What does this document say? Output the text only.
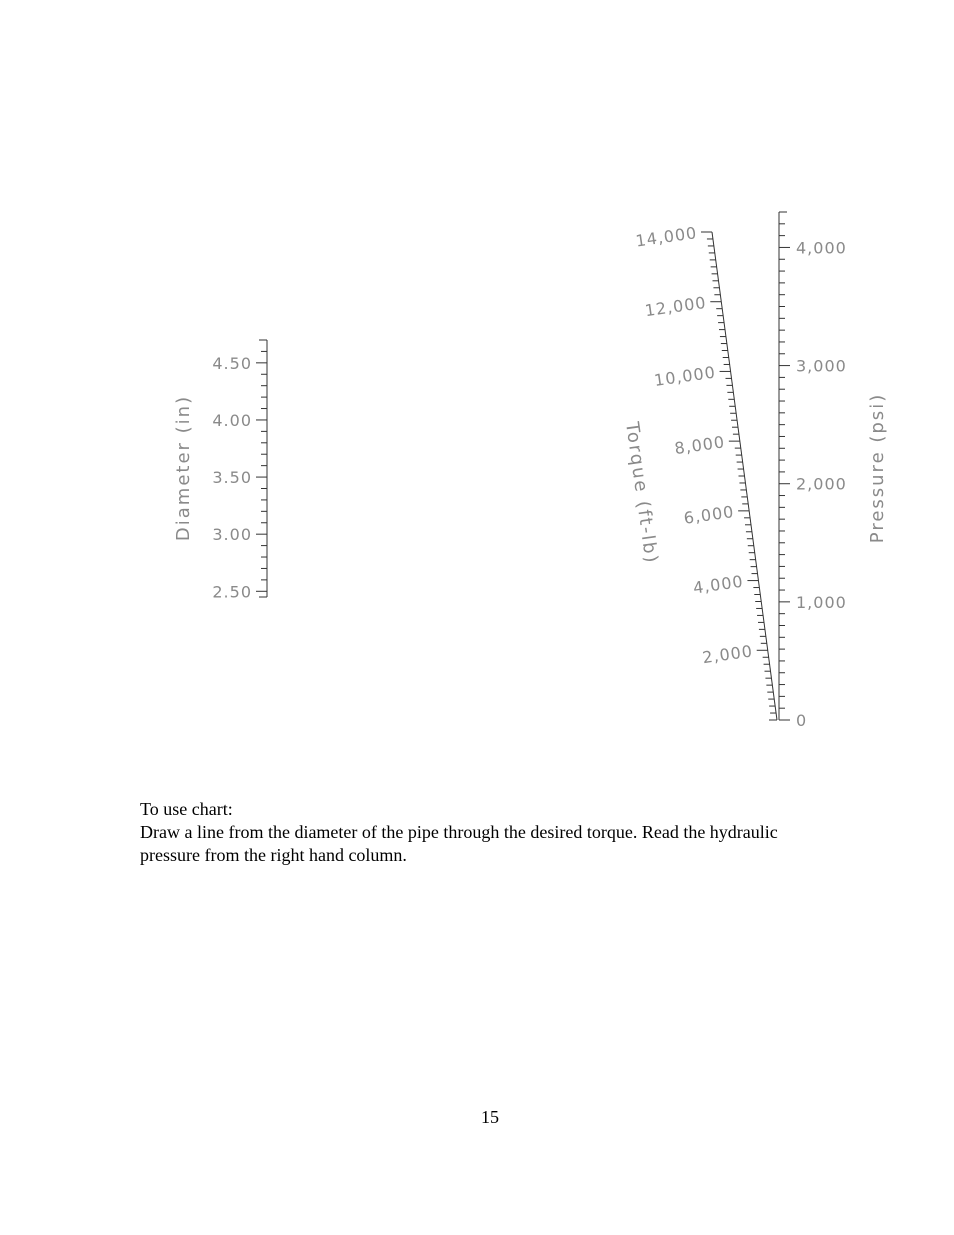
Diameter (in)
2.50
3.00
3.50
4.00
4.50
Torque (ft-lb)
2,000
4,000
6,000
8,000
10,000
12,000
14,000
Pressure (psi)
0
1,000
2,000
3,000
4,000

To use chart:

Draw a line from the diameter of the pipe through the desired torque. Read the hydraulic pressure from the right hand column.

15
